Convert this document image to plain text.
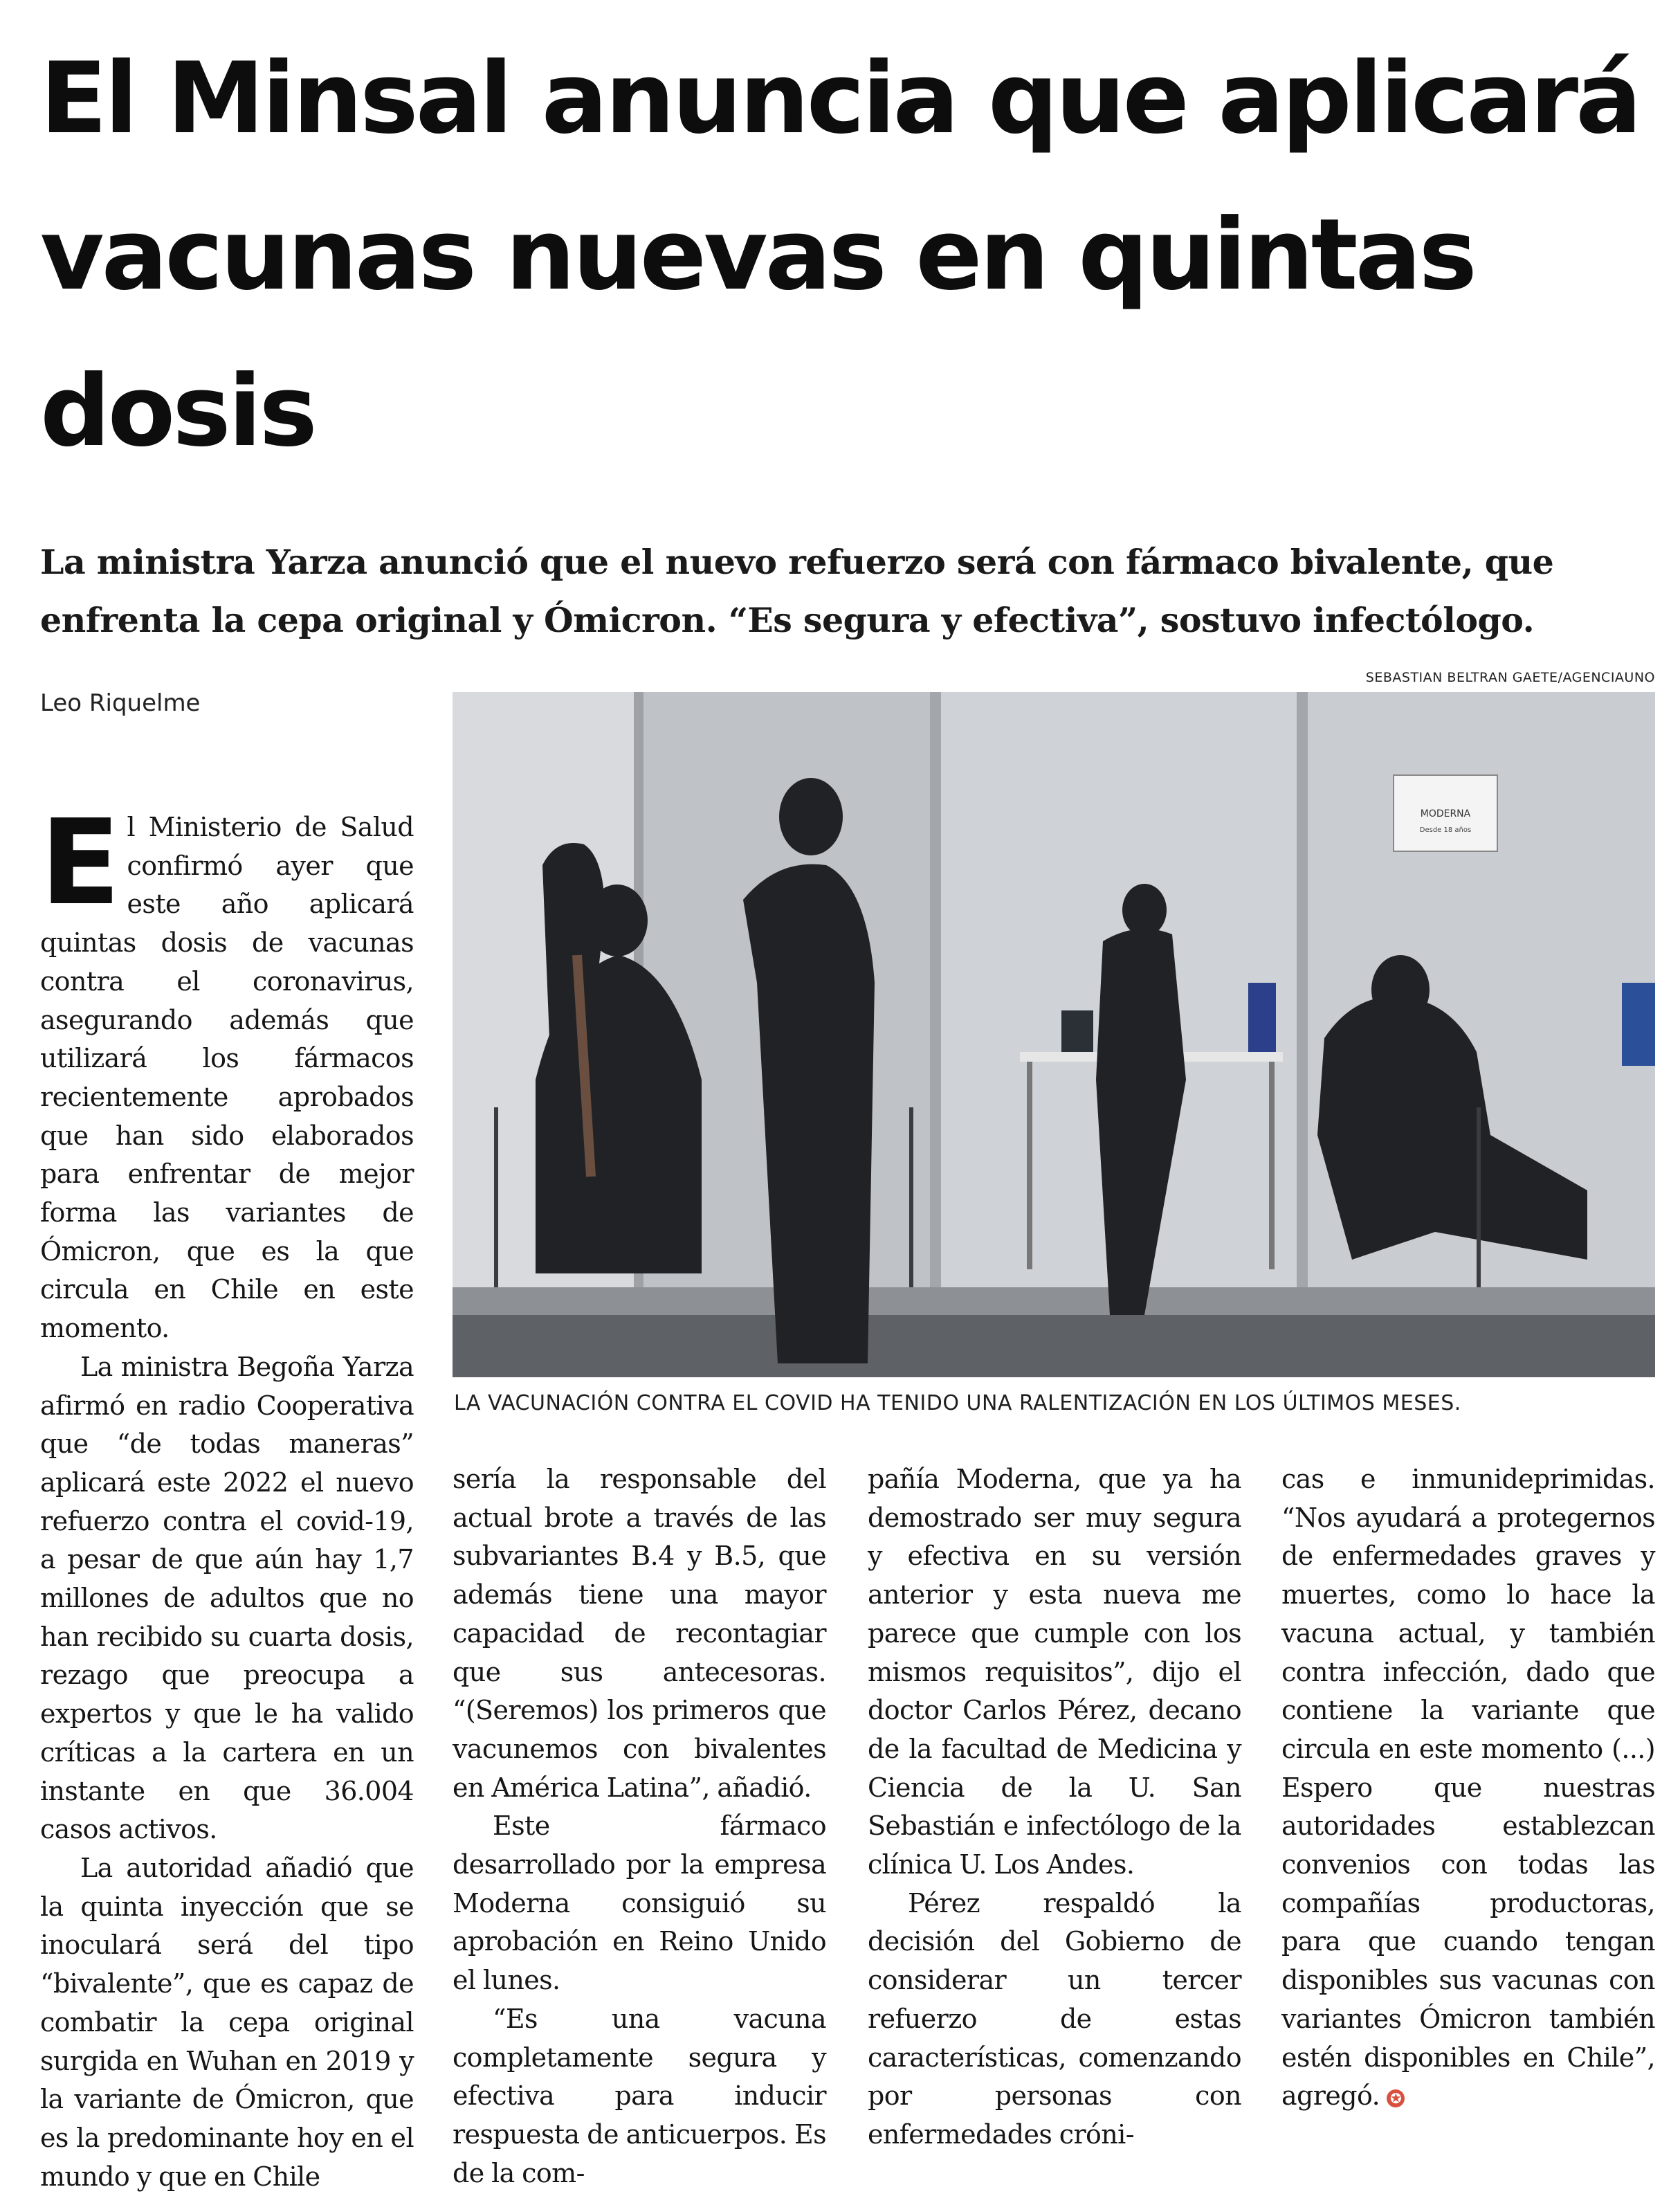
El Minsal anuncia que aplicará vacunas nuevas en quintas dosis

La ministra Yarza anunció que el nuevo refuerzo será con fármaco bivalente, que enfrenta la cepa original y Ómicron. “Es segura y efectiva”, sostuvo infectólogo.

SEBASTIAN BELTRAN GAETE/AGENCIAUNO
Leo Riquelme
MODERNA
Desde 18 años
LA VACUNACIÓN CONTRA EL COVID HA TENIDO UNA RALENTIZACIÓN EN LOS ÚLTIMOS MESES.
E l Ministerio de Salud confirmó ayer que este año aplicará quintas dosis de vacunas contra el coronavirus, asegurando además que utilizará los fármacos recientemente aprobados que han sido elaborados para enfrentar de mejor forma las variantes de Ómicron, que es la que circula en Chile en este momento.

La ministra Begoña Yarza afirmó en radio Cooperativa que “de todas maneras” aplicará este 2022 el nuevo refuerzo contra el covid-19, a pesar de que aún hay 1,7 millones de adultos que no han recibido su cuarta dosis, rezago que preocupa a expertos y que le ha valido críticas a la cartera en un instante en que 36.004 casos activos.

La autoridad añadió que la quinta inyección que se inoculará será del tipo “bivalente”, que es capaz de combatir la cepa original surgida en Wuhan en 2019 y la variante de Ómicron, que es la predominante hoy en el mundo y que en Chile

sería la responsable del actual brote a través de las subvariantes B.4 y B.5, que además tiene una mayor capacidad de recontagiar que sus antecesoras. “(Seremos) los primeros que vacunemos con bivalentes en América Latina”, añadió.

Este fármaco desarrollado por la empresa Moderna consiguió su aprobación en Reino Unido el lunes.

“Es una vacuna completamente segura y efectiva para inducir respuesta de anticuerpos. Es de la com-

pañía Moderna, que ya ha demostrado ser muy segura y efectiva en su versión anterior y esta nueva me parece que cumple con los mismos requisitos”, dijo el doctor Carlos Pérez, decano de la facultad de Medicina y Ciencia de la U. San Sebastián e infectólogo de la clínica U. Los Andes.

Pérez respaldó la decisión del Gobierno de considerar un tercer refuerzo de estas características, comenzando por personas con enfermedades cróni-

cas e inmunideprimidas. “Nos ayudará a protegernos de enfermedades graves y muertes, como lo hace la vacuna actual, y también contra infección, dado que contiene la variante que circula en este momento (...) Espero que nuestras autoridades establezcan convenios con todas las compañías productoras, para que cuando tengan disponibles sus vacunas con variantes Ómicron también estén disponibles en Chile”, agregó. ✪
